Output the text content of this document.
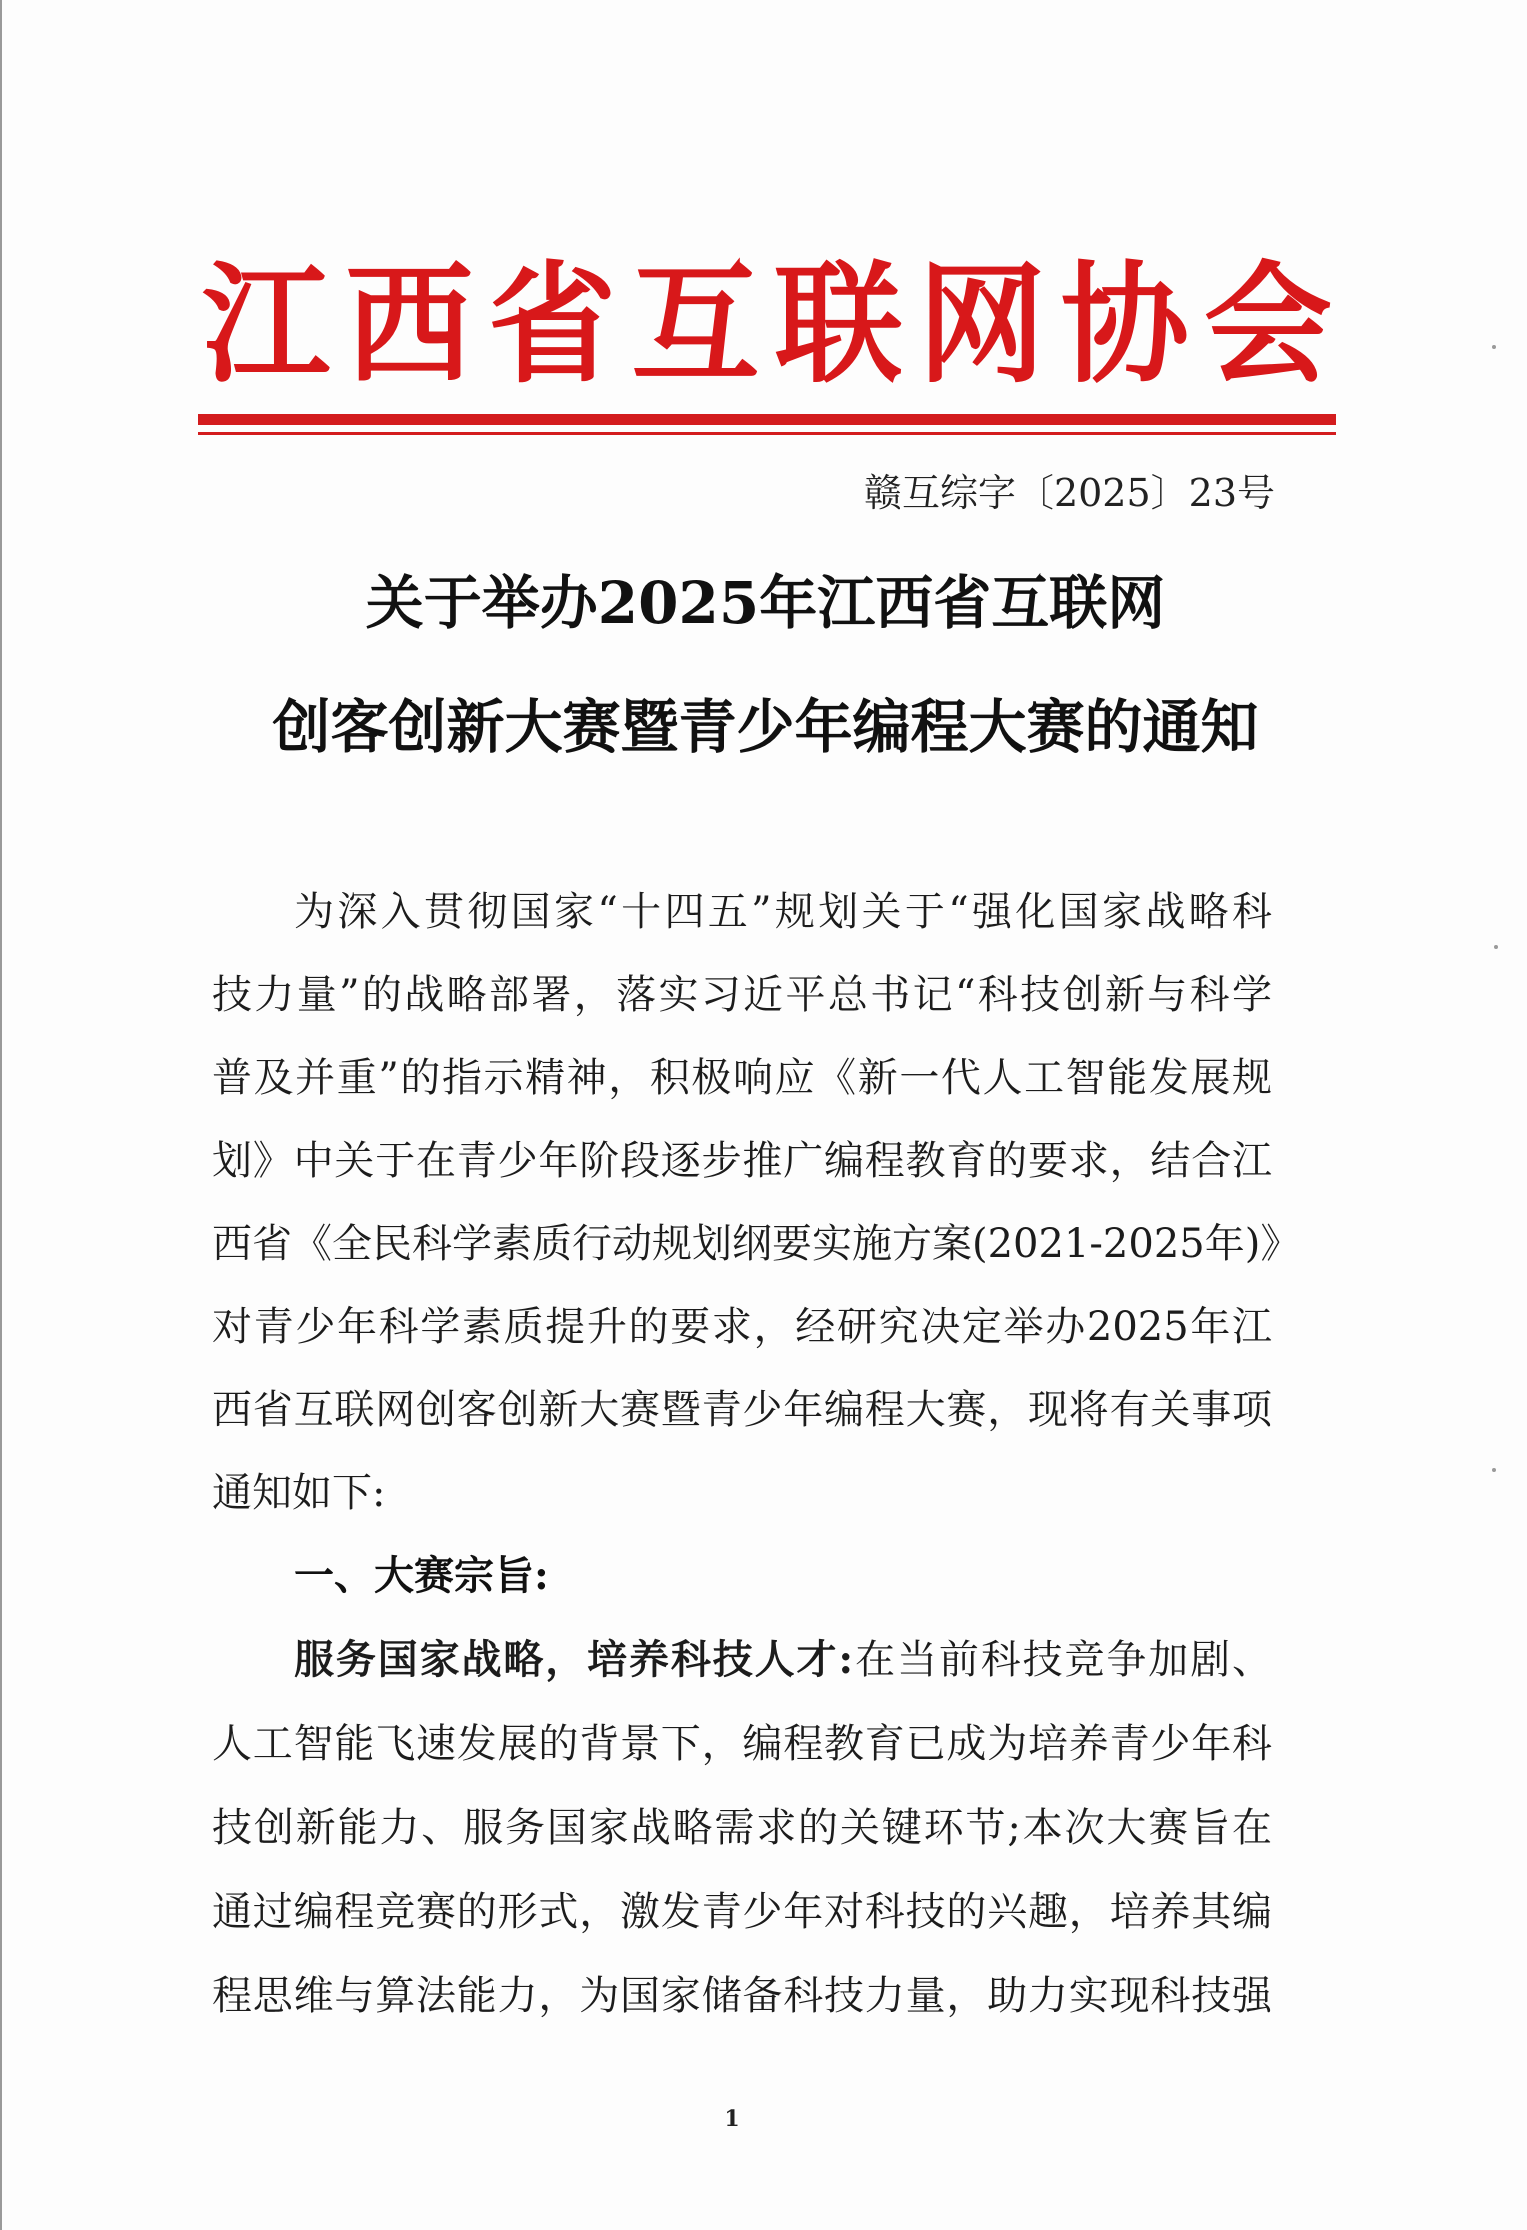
江 西 省 互 联 网 协 会
赣互综字〔2025〕23号
关于举办2025年江西省互联网
创客创新大赛暨青少年编程大赛的通知
为深入贯彻国家“十四五”规划关于“强化国家战略科
技力量”的战略部署，落实习近平总书记“科技创新与科学
普及并重”的指示精神，积极响应《新一代人工智能发展规
划》中关于在青少年阶段逐步推广编程教育的要求，结合江
西省《全民科学素质行动规划纲要实施方案(2021-2025年)》
对青少年科学素质提升的要求，经研究决定举办2025年江
西省互联网创客创新大赛暨青少年编程大赛，现将有关事项
通知如下:
一、大赛宗旨:
服务国家战略，培养科技人才:在当前科技竞争加剧、
人工智能飞速发展的背景下，编程教育已成为培养青少年科
技创新能力、服务国家战略需求的关键环节;本次大赛旨在
通过编程竞赛的形式，激发青少年对科技的兴趣，培养其编
程思维与算法能力，为国家储备科技力量，助力实现科技强
1
